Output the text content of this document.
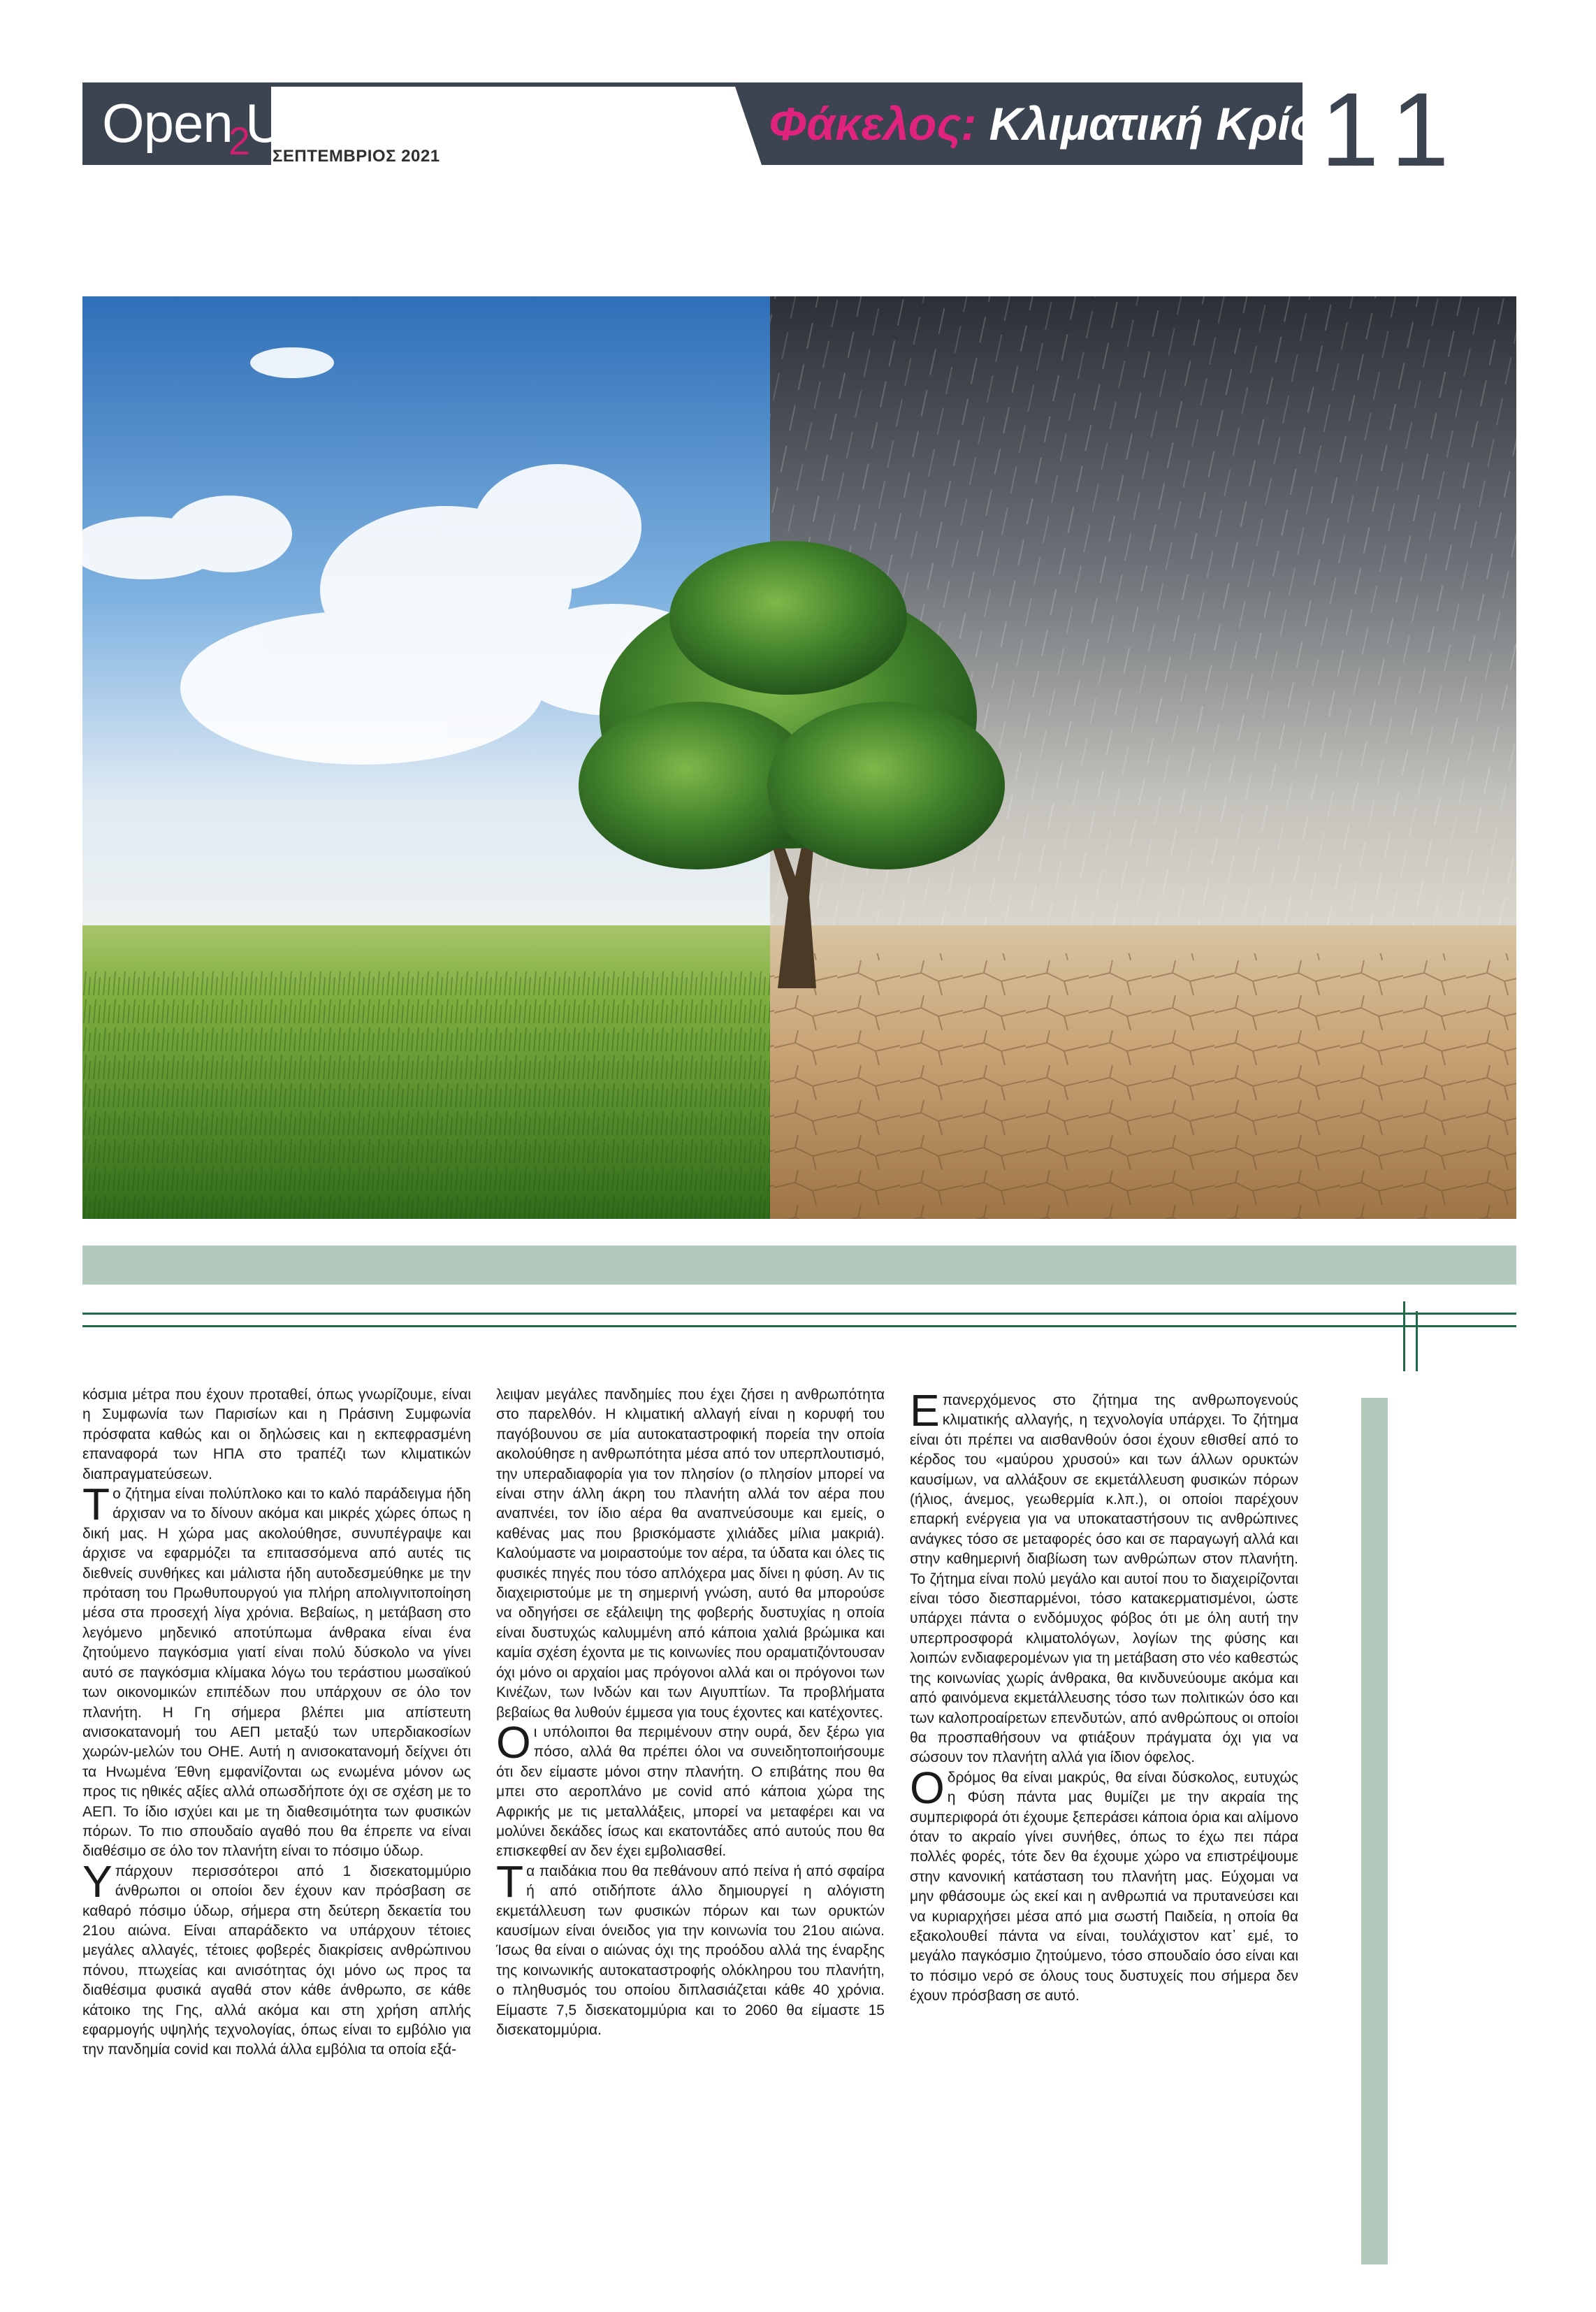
Open$_2$U
ΣΕΠΤΕΜΒΡΙΟΣ 2021
Φάκελος: Κλιματική Κρίση
11

κόσμια μέτρα που έχουν προταθεί, όπως γνωρίζουμε, είναι η Συμφωνία των Παρισίων και η Πράσινη Συμφωνία πρόσφατα καθώς και οι δηλώσεις και η εκπεφρασμένη επαναφορά των ΗΠΑ στο τραπέζι των κλιματικών διαπραγματεύσεων.

Το ζήτημα είναι πολύπλοκο και το καλό παράδειγμα ήδη άρχισαν να το δίνουν ακόμα και μικρές χώρες όπως η δική μας. Η χώρα μας ακολούθησε, συνυπέγραψε και άρχισε να εφαρμόζει τα επιτασσόμενα από αυτές τις διεθνείς συνθήκες και μάλιστα ήδη αυτοδεσμεύθηκε με την πρόταση του Πρωθυπουργού για πλήρη απολιγνιτοποίηση μέσα στα προσεχή λίγα χρόνια. Βεβαίως, η μετάβαση στο λεγόμενο μηδενικό αποτύπωμα άνθρακα είναι ένα ζητούμενο παγκόσμια γιατί είναι πολύ δύσκολο να γίνει αυτό σε παγκόσμια κλίμακα λόγω του τεράστιου μωσαϊκού των οικονομικών επιπέδων που υπάρχουν σε όλο τον πλανήτη. Η Γη σήμερα βλέπει μια απίστευτη ανισοκατανομή του ΑΕΠ μεταξύ των υπερδιακοσίων χωρών-μελών του ΟΗΕ. Αυτή η ανισοκατανομή δείχνει ότι τα Ηνωμένα Έθνη εμφανίζονται ως ενωμένα μόνον ως προς τις ηθικές αξίες αλλά οπωσδήποτε όχι σε σχέση με το ΑΕΠ. Το ίδιο ισχύει και με τη διαθεσιμότητα των φυσικών πόρων. Το πιο σπουδαίο αγαθό που θα έπρεπε να είναι διαθέσιμο σε όλο τον πλανήτη είναι το πόσιμο ύδωρ.

Υπάρχουν περισσότεροι από 1 δισεκατομμύριο άνθρωποι οι οποίοι δεν έχουν καν πρόσβαση σε καθαρό πόσιμο ύδωρ, σήμερα στη δεύτερη δεκαετία του 21ου αιώνα. Είναι απαράδεκτο να υπάρχουν τέτοιες μεγάλες αλλαγές, τέτοιες φοβερές διακρίσεις ανθρώπινου πόνου, πτωχείας και ανισότητας όχι μόνο ως προς τα διαθέσιμα φυσικά αγαθά στον κάθε άνθρωπο, σε κάθε κάτοικο της Γης, αλλά ακόμα και στη χρήση απλής εφαρμογής υψηλής τεχνολογίας, όπως είναι το εμβόλιο για την πανδημία covid και πολλά άλλα εμβόλια τα οποία εξά-

λειψαν μεγάλες πανδημίες που έχει ζήσει η ανθρωπότητα στο παρελθόν. Η κλιματική αλλαγή είναι η κορυφή του παγόβουνου σε μία αυτοκαταστροφική πορεία την οποία ακολούθησε η ανθρωπότητα μέσα από τον υπερπλουτισμό, την υπεραδιαφορία για τον πλησίον (ο πλησίον μπορεί να είναι στην άλλη άκρη του πλανήτη αλλά τον αέρα που αναπνέει, τον ίδιο αέρα θα αναπνεύσουμε και εμείς, ο καθένας μας που βρισκόμαστε χιλιάδες μίλια μακριά). Καλούμαστε να μοιραστούμε τον αέρα, τα ύδατα και όλες τις φυσικές πηγές που τόσο απλόχερα μας δίνει η φύση. Αν τις διαχειριστούμε με τη σημερινή γνώση, αυτό θα μπορούσε να οδηγήσει σε εξάλειψη της φοβερής δυστυχίας η οποία είναι δυστυχώς καλυμμένη από κάποια χαλιά βρώμικα και καμία σχέση έχοντα με τις κοινωνίες που οραματιζόντουσαν όχι μόνο οι αρχαίοι μας πρόγονοι αλλά και οι πρόγονοι των Κινέζων, των Ινδών και των Αιγυπτίων. Τα προβλήματα βεβαίως θα λυθούν έμμεσα για τους έχοντες και κατέχοντες.

Οι υπόλοιποι θα περιμένουν στην ουρά, δεν ξέρω για πόσο, αλλά θα πρέπει όλοι να συνειδητοποιήσουμε ότι δεν είμαστε μόνοι στην πλανήτη. Ο επιβάτης που θα μπει στο αεροπλάνο με covid από κάποια χώρα της Αφρικής με τις μεταλλάξεις, μπορεί να μεταφέρει και να μολύνει δεκάδες ίσως και εκατοντάδες από αυτούς που θα επισκεφθεί αν δεν έχει εμβολιασθεί.

Τα παιδάκια που θα πεθάνουν από πείνα ή από σφαίρα ή από οτιδήποτε άλλο δημιουργεί η αλόγιστη εκμετάλλευση των φυσικών πόρων και των ορυκτών καυσίμων είναι όνειδος για την κοινωνία του 21ου αιώνα. Ίσως θα είναι ο αιώνας όχι της προόδου αλλά της έναρξης της κοινωνικής αυτοκαταστροφής ολόκληρου του πλανήτη, ο πληθυσμός του οποίου διπλασιάζεται κάθε 40 χρόνια. Είμαστε 7,5 δισεκατομμύρια και το 2060 θα είμαστε 15 δισεκατομμύρια.

Επανερχόμενος στο ζήτημα της ανθρωπογενούς κλιματικής αλλαγής, η τεχνολογία υπάρχει. Το ζήτημα είναι ότι πρέπει να αισθανθούν όσοι έχουν εθισθεί από το κέρδος του «μαύρου χρυσού» και των άλλων ορυκτών καυσίμων, να αλλάξουν σε εκμετάλλευση φυσικών πόρων (ήλιος, άνεμος, γεωθερμία κ.λπ.), οι οποίοι παρέχουν επαρκή ενέργεια για να υποκαταστήσουν τις ανθρώπινες ανάγκες τόσο σε μεταφορές όσο και σε παραγωγή αλλά και στην καθημερινή διαβίωση των ανθρώπων στον πλανήτη. Το ζήτημα είναι πολύ μεγάλο και αυτοί που το διαχειρίζονται είναι τόσο διεσπαρμένοι, τόσο κατακερματισμένοι, ώστε υπάρχει πάντα ο ενδόμυχος φόβος ότι με όλη αυτή την υπερπροσφορά κλιματολόγων, λογίων της φύσης και λοιπών ενδιαφερομένων για τη μετάβαση στο νέο καθεστώς της κοινωνίας χωρίς άνθρακα, θα κινδυνεύουμε ακόμα και από φαινόμενα εκμετάλλευσης τόσο των πολιτικών όσο και των καλοπροαίρετων επενδυτών, από ανθρώπους οι οποίοι θα προσπαθήσουν να φτιάξουν πράγματα όχι για να σώσουν τον πλανήτη αλλά για ίδιον όφελος.

Οδρόμος θα είναι μακρύς, θα είναι δύσκολος, ευτυχώς η Φύση πάντα μας θυμίζει με την ακραία της συμπεριφορά ότι έχουμε ξεπεράσει κάποια όρια και αλίμονο όταν το ακραίο γίνει συνήθες, όπως το έχω πει πάρα πολλές φορές, τότε δεν θα έχουμε χώρο να επιστρέψουμε στην κανονική κατάσταση του πλανήτη μας. Εύχομαι να μην φθάσουμε ώς εκεί και η ανθρωπιά να πρυτανεύσει και να κυριαρχήσει μέσα από μια σωστή Παιδεία, η οποία θα εξακολουθεί πάντα να είναι, τουλάχιστον κατ᾽ εμέ, το μεγάλο παγκόσμιο ζητούμενο, τόσο σπουδαίο όσο είναι και το πόσιμο νερό σε όλους τους δυστυχείς που σήμερα δεν έχουν πρόσβαση σε αυτό.
